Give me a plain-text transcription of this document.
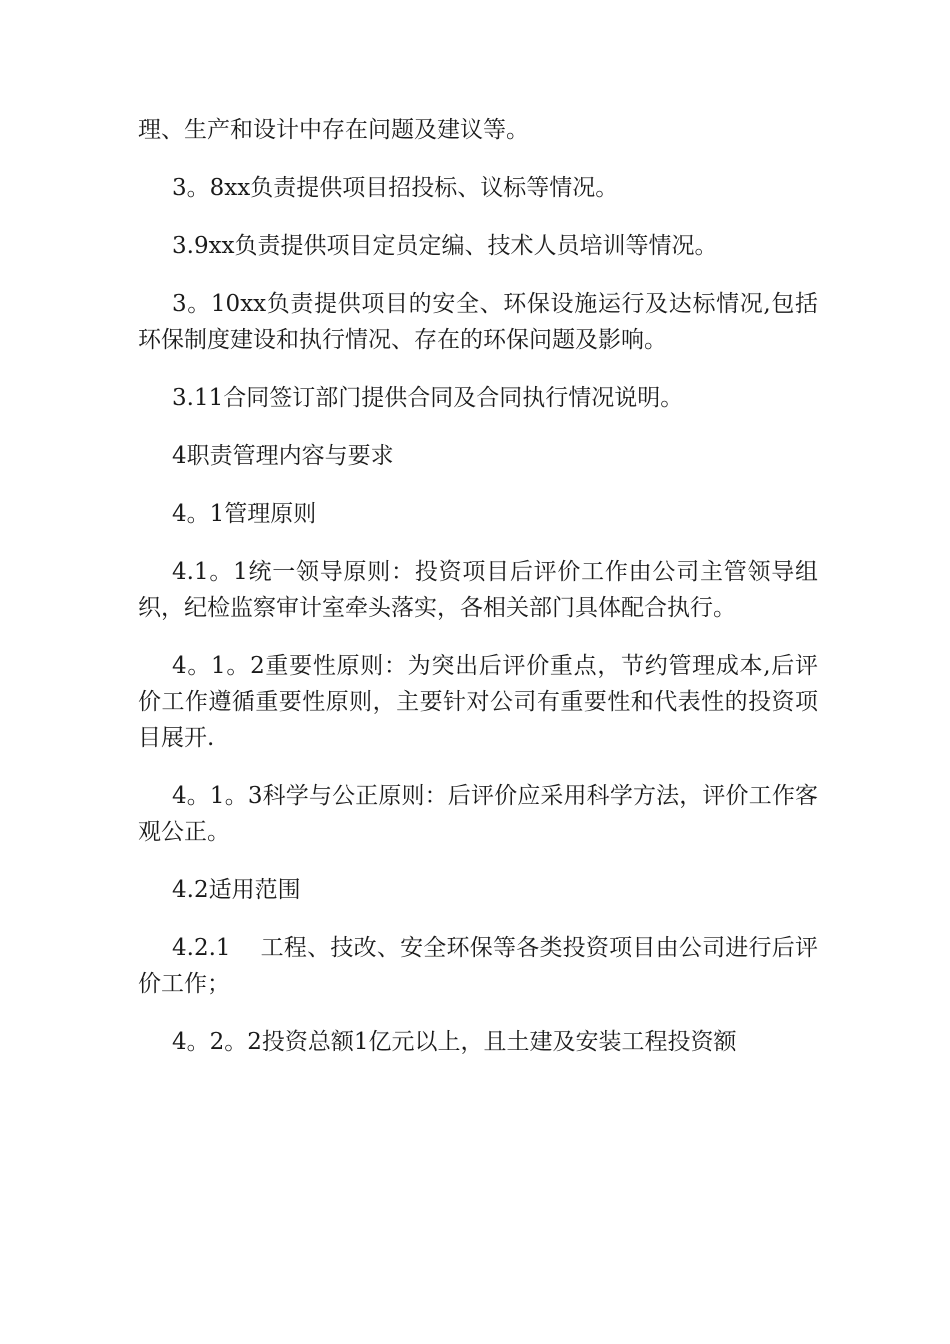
理、生产和设计中存在问题及建议等。

3。8xx负责提供项目招投标、议标等情况。

3.9xx负责提供项目定员定编、技术人员培训等情况。

3。10xx负责提供项目的安全、环保设施运行及达标情况,包括环保制度建设和执行情况、存在的环保问题及影响。

3.11合同签订部门提供合同及合同执行情况说明。

4职责管理内容与要求

4。1管理原则

4.1。1统一领导原则：投资项目后评价工作由公司主管领导组织，纪检监察审计室牵头落实，各相关部门具体配合执行。

4。1。2重要性原则：为突出后评价重点，节约管理成本,后评价工作遵循重要性原则，主要针对公司有重要性和代表性的投资项目展开.

4。1。3科学与公正原则：后评价应采用科学方法，评价工作客观公正。

4.2适用范围

4.2.1    工程、技改、安全环保等各类投资项目由公司进行后评价工作；

4。2。2投资总额1亿元以上，且土建及安装工程投资额
